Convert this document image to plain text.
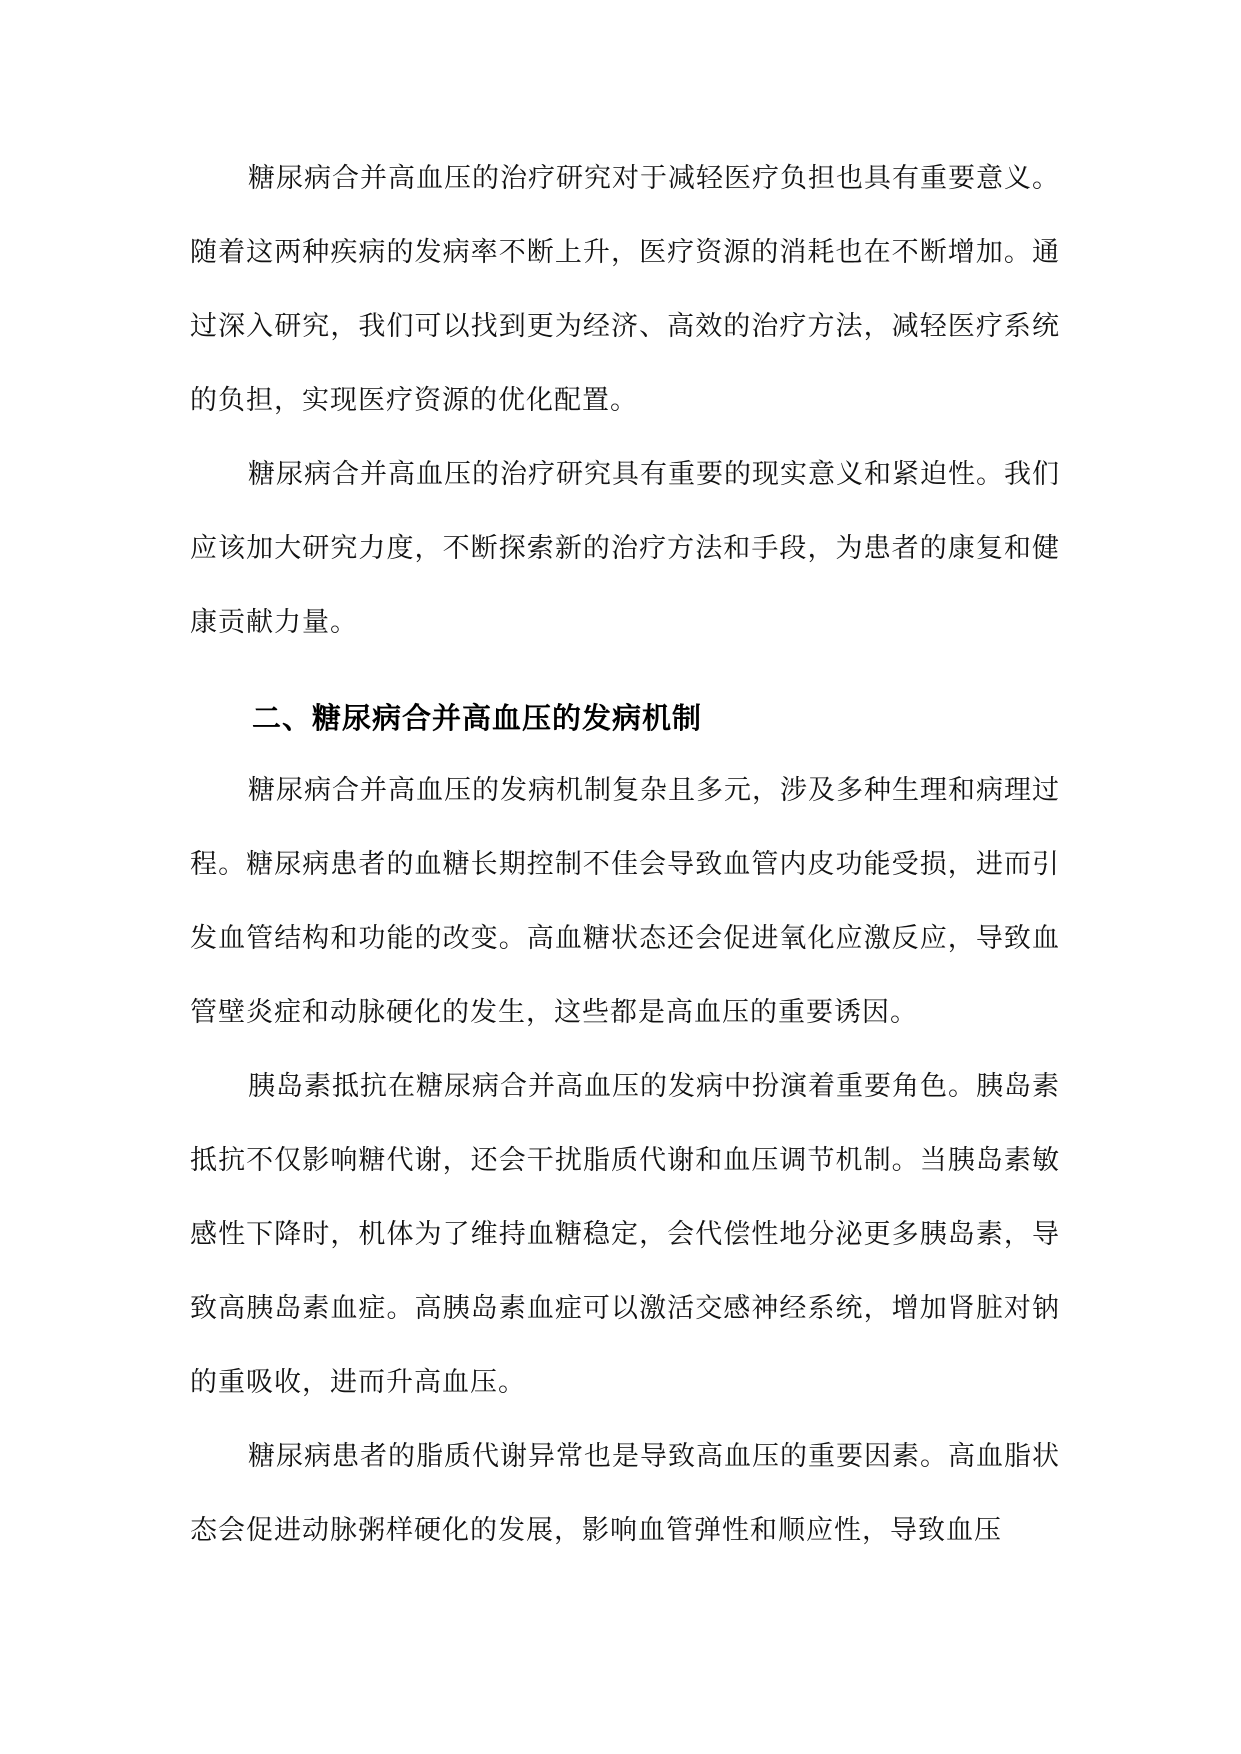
糖尿病合并高血压的治疗研究对于减轻医疗负担也具有重要意义。随着这两种疾病的发病率不断上升，医疗资源的消耗也在不断增加。通过深入研究，我们可以找到更为经济、高效的治疗方法，减轻医疗系统的负担，实现医疗资源的优化配置。

糖尿病合并高血压的治疗研究具有重要的现实意义和紧迫性。我们应该加大研究力度，不断探索新的治疗方法和手段，为患者的康复和健康贡献力量。

二、糖尿病合并高血压的发病机制

糖尿病合并高血压的发病机制复杂且多元，涉及多种生理和病理过程。糖尿病患者的血糖长期控制不佳会导致血管内皮功能受损，进而引发血管结构和功能的改变。高血糖状态还会促进氧化应激反应，导致血管壁炎症和动脉硬化的发生，这些都是高血压的重要诱因。

胰岛素抵抗在糖尿病合并高血压的发病中扮演着重要角色。胰岛素抵抗不仅影响糖代谢，还会干扰脂质代谢和血压调节机制。当胰岛素敏感性下降时，机体为了维持血糖稳定，会代偿性地分泌更多胰岛素，导致高胰岛素血症。高胰岛素血症可以激活交感神经系统，增加肾脏对钠的重吸收，进而升高血压。

糖尿病患者的脂质代谢异常也是导致高血压的重要因素。高血脂状态会促进动脉粥样硬化的发展，影响血管弹性和顺应性，导致血压
